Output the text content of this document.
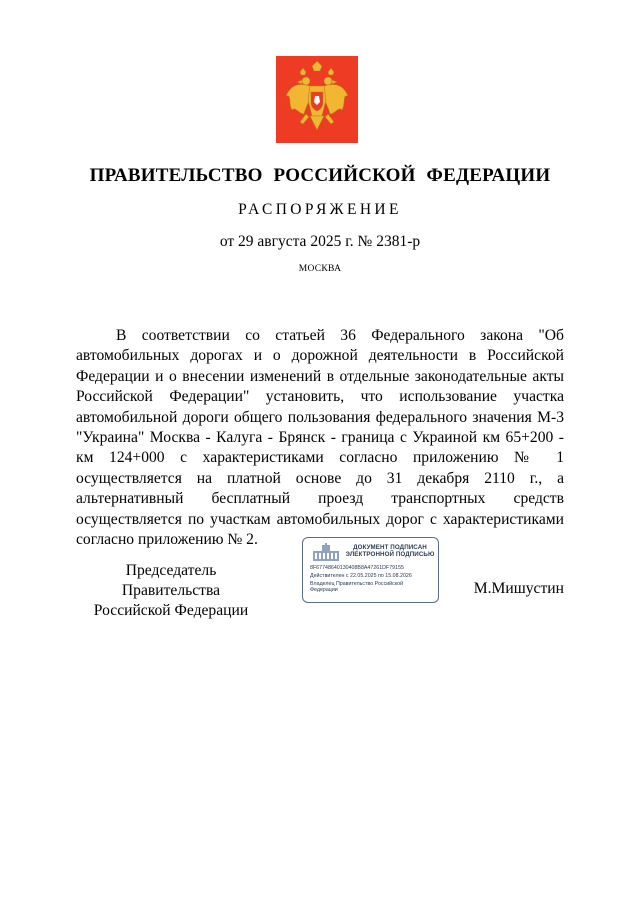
ПРАВИТЕЛЬСТВО РОССИЙСКОЙ ФЕДЕРАЦИИ
РАСПОРЯЖЕНИЕ
от 29 августа 2025 г. № 2381-р
МОСКВА

В соответствии со статьей 36 Федерального закона "Об автомобильных дорогах и о дорожной деятельности в Российской Федерации и о внесении изменений в отдельные законодательные акты Российской Федерации" установить, что использование участка автомобильной дороги общего пользования федерального значения М-3 "Украина" Москва - Калуга - Брянск - граница с Украиной км 65+200 - км 124+000 с характеристиками согласно приложению № 1 осуществляется на платной основе до 31 декабря 2110 г., а альтернативный бесплатный проезд транспортных средств осуществляется по участкам автомобильных дорог с характеристиками согласно приложению № 2.

Председатель Правительства
Российской Федерации
ДОКУМЕНТ ПОДПИСАН ЭЛЕКТРОННОЙ ПОДПИСЬЮ
8F67748640130408B8A47261DF79155
Действителен с 22.05.2025 по 15.08.2026
Владелец Правительство Российской Федерации	М.Мишустин
